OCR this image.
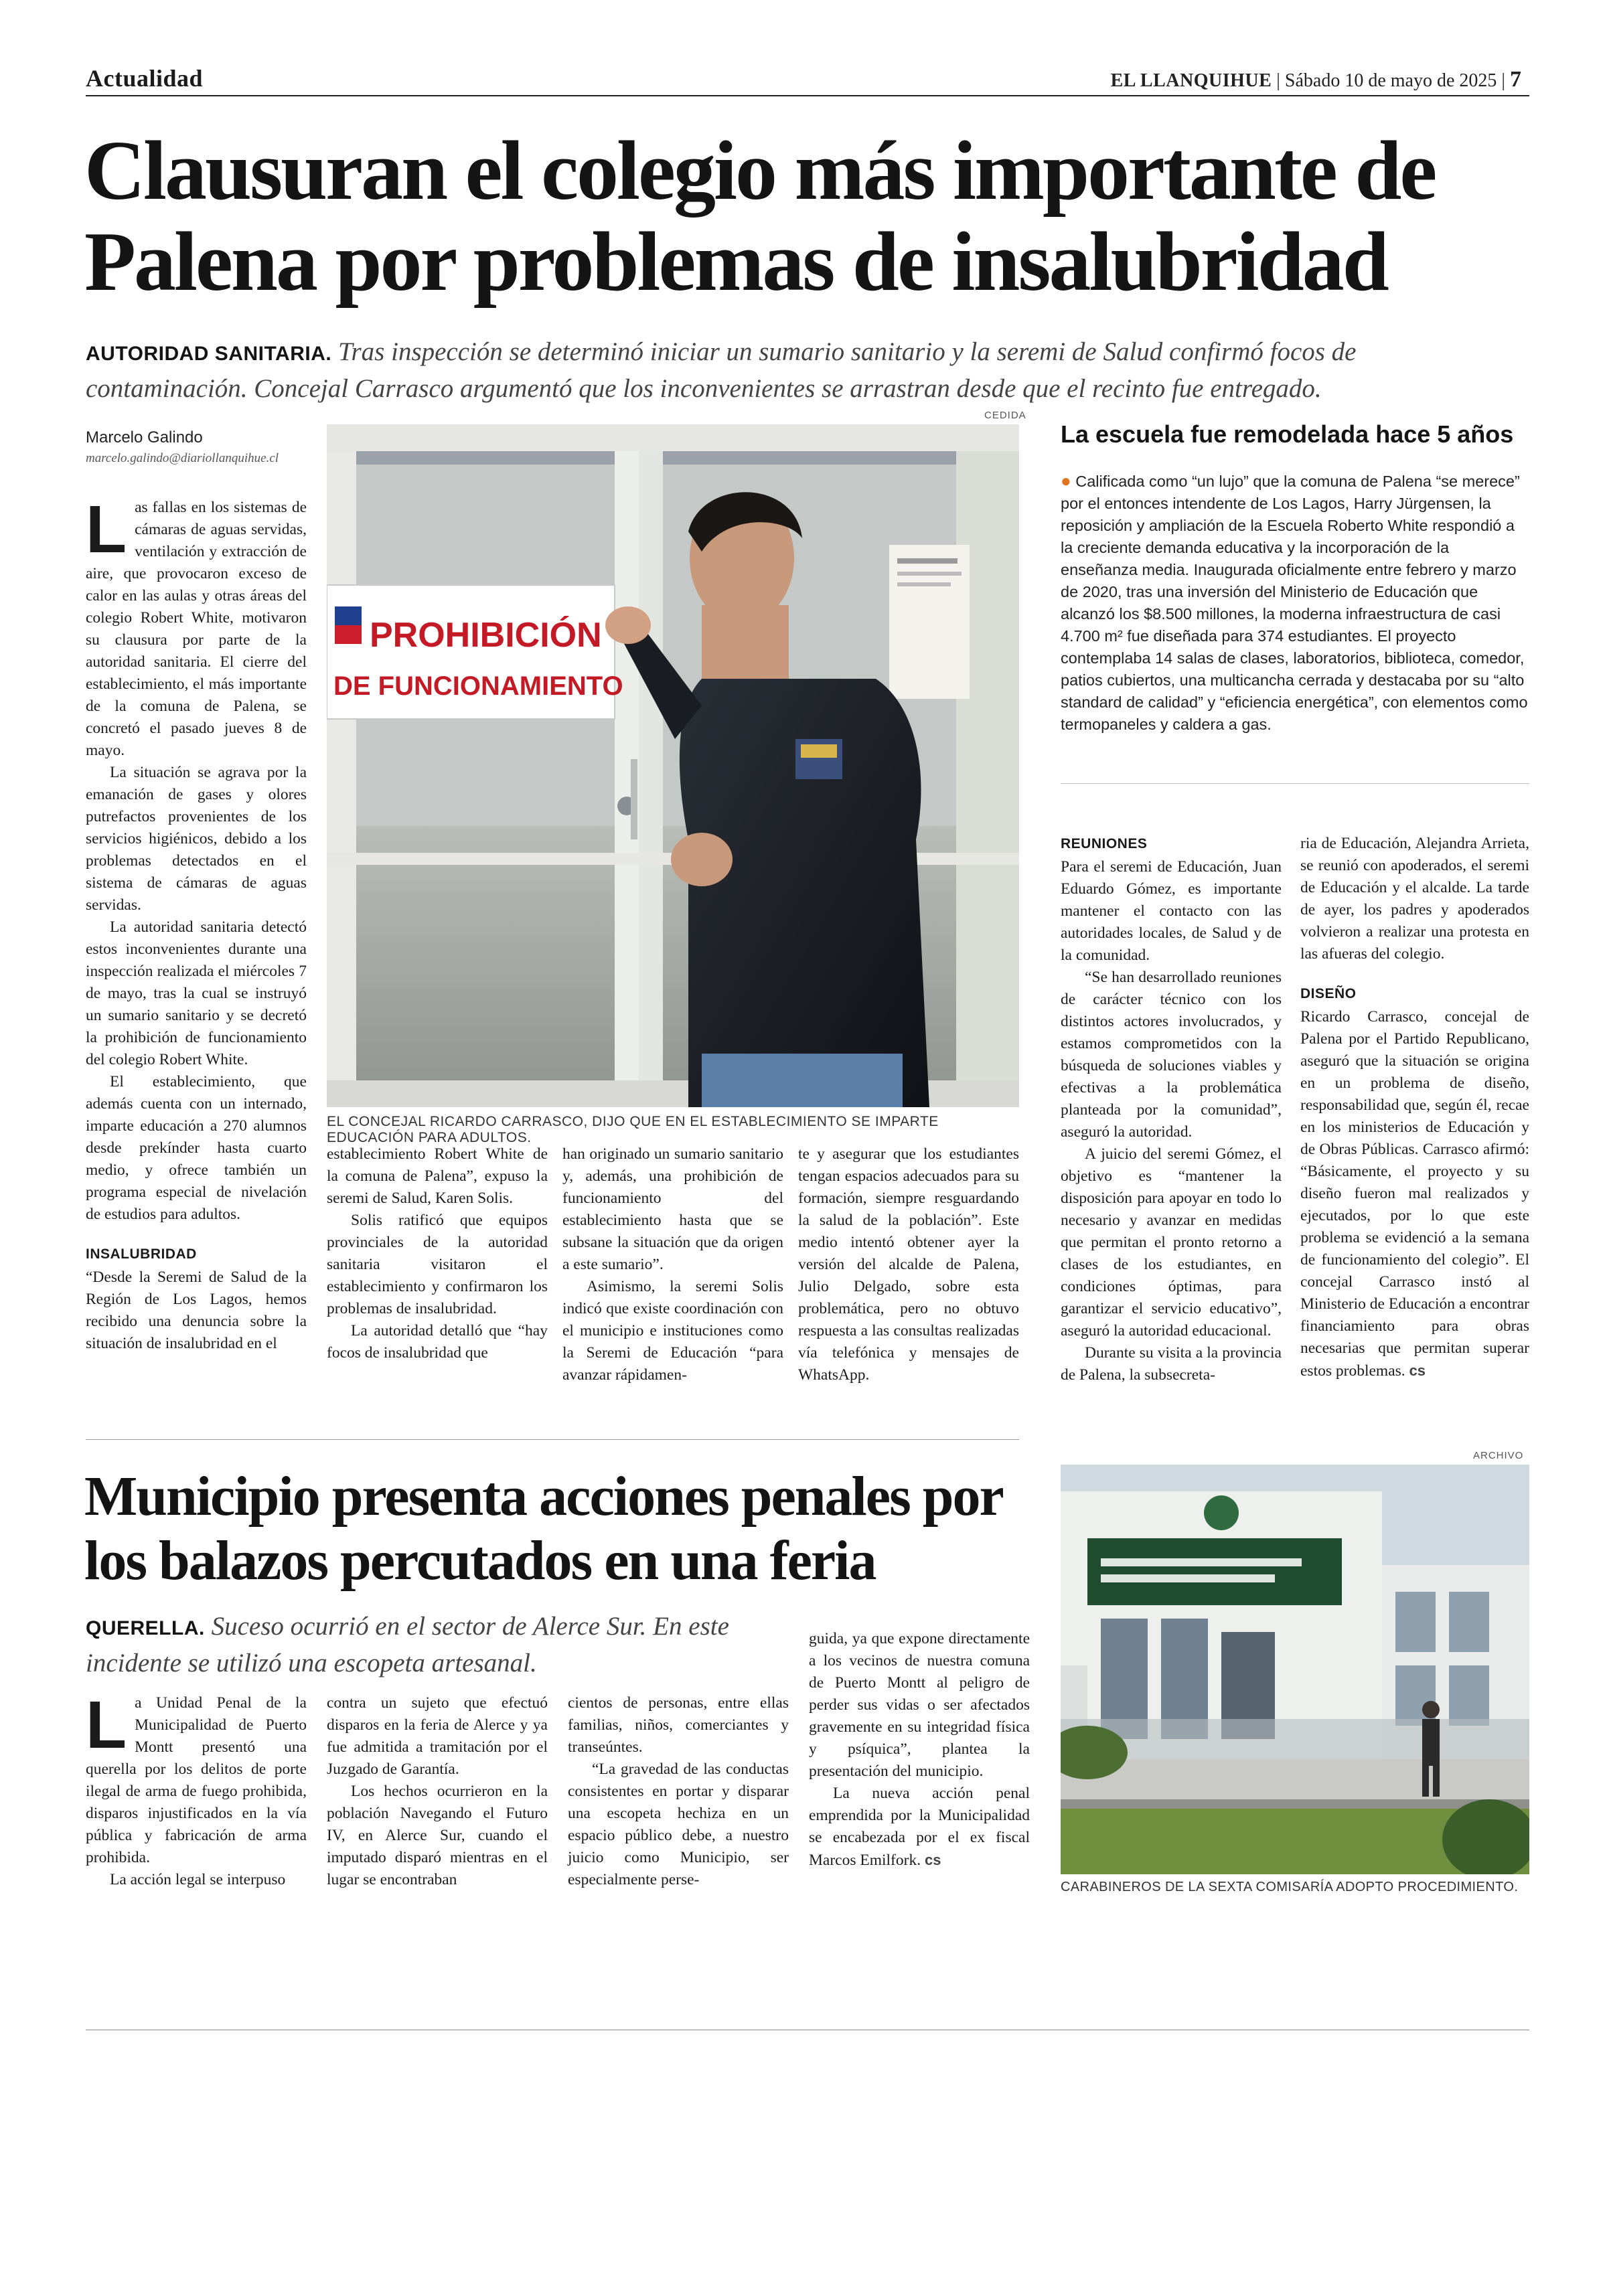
Actualidad	EL LLANQUIHUE | Sábado 10 de mayo de 2025 | 7
Clausuran el colegio más importante de Palena por problemas de insalubridad
AUTORIDAD SANITARIA. Tras inspección se determinó iniciar un sumario sanitario y la seremi de Salud confirmó focos de contaminación. Concejal Carrasco argumentó que los inconvenientes se arrastran desde que el recinto fue entregado.
Marcelo Galindo
marcelo.galindo@diariollanquihue.cl

Las fallas en los sistemas de cámaras de aguas servidas, ventilación y extracción de aire, que provocaron exceso de calor en las aulas y otras áreas del colegio Robert White, motivaron su clausura por parte de la autoridad sanitaria. El cierre del establecimiento, el más importante de la comuna de Palena, se concretó el pasado jueves 8 de mayo.

La situación se agrava por la emanación de gases y olores putrefactos provenientes de los servicios higiénicos, debido a los problemas detectados en el sistema de cámaras de aguas servidas.

La autoridad sanitaria detectó estos inconvenientes durante una inspección realizada el miércoles 7 de mayo, tras la cual se instruyó un sumario sanitario y se decretó la prohibición de funcionamiento del colegio Robert White.

El establecimiento, que además cuenta con un internado, imparte educación a 270 alumnos desde prekínder hasta cuarto medio, y ofrece también un programa especial de nivelación de estudios para adultos.

INSALUBRIDAD

“Desde la Seremi de Salud de la Región de Los Lagos, hemos recibido una denuncia sobre la situación de insalubridad en el

CEDIDA
PROHIBICIÓN
DE FUNCIONAMIENTO
EL CONCEJAL RICARDO CARRASCO, DIJO QUE EN EL ESTABLECIMIENTO SE IMPARTE EDUCACIÓN PARA ADULTOS.

establecimiento Robert White de la comuna de Palena”, expuso la seremi de Salud, Karen Solis.

Solis ratificó que equipos provinciales de la autoridad sanitaria visitaron el establecimiento y confirmaron los problemas de insalubridad.

La autoridad detalló que “hay focos de insalubridad que

han originado un sumario sanitario y, además, una prohibición de funcionamiento del establecimiento hasta que se subsane la situación que da origen a este sumario”.

Asimismo, la seremi Solis indicó que existe coordinación con el municipio e instituciones como la Seremi de Educación “para avanzar rápidamen-

te y asegurar que los estudiantes tengan espacios adecuados para su formación, siempre resguardando la salud de la población”. Este medio intentó obtener ayer la versión del alcalde de Palena, Julio Delgado, sobre esta problemática, pero no obtuvo respuesta a las consultas realizadas vía telefónica y mensajes de WhatsApp.

La escuela fue remodelada hace 5 años
● Calificada como “un lujo” que la comuna de Palena “se merece” por el entonces intendente de Los Lagos, Harry Jürgensen, la reposición y ampliación de la Escuela Roberto White respondió a la creciente demanda educativa y la incorporación de la enseñanza media. Inaugurada oficialmente entre febrero y marzo de 2020, tras una inversión del Ministerio de Educación que alcanzó los $8.500 millones, la moderna infraestructura de casi 4.700 m² fue diseñada para 374 estudiantes. El proyecto contemplaba 14 salas de clases, laboratorios, biblioteca, comedor, patios cubiertos, una multicancha cerrada y destacaba por su “alto standard de calidad” y “eficiencia energética”, con elementos como termopaneles y caldera a gas.
REUNIONES

Para el seremi de Educación, Juan Eduardo Gómez, es importante mantener el contacto con las autoridades locales, de Salud y de la comunidad.

“Se han desarrollado reuniones de carácter técnico con los distintos actores involucrados, y estamos comprometidos con la búsqueda de soluciones viables y efectivas a la problemática planteada por la comunidad”, aseguró la autoridad.

A juicio del seremi Gómez, el objetivo es “mantener la disposición para apoyar en todo lo necesario y avanzar en medidas que permitan el pronto retorno a clases de los estudiantes, en condiciones óptimas, para garantizar el servicio educativo”, aseguró la autoridad educacional.

Durante su visita a la provincia de Palena, la subsecreta-

ria de Educación, Alejandra Arrieta, se reunió con apoderados, el seremi de Educación y el alcalde. La tarde de ayer, los padres y apoderados volvieron a realizar una protesta en las afueras del colegio.

DISEÑO

Ricardo Carrasco, concejal de Palena por el Partido Republicano, aseguró que la situación se origina en un problema de diseño, responsabilidad que, según él, recae en los ministerios de Educación y de Obras Públicas. Carrasco afirmó: “Básicamente, el proyecto y su diseño fueron mal realizados y ejecutados, por lo que este problema se evidenció a la semana de funcionamiento del colegio”. El concejal Carrasco instó al Ministerio de Educación a encontrar financiamiento para obras necesarias que permitan superar estos problemas. cs

Municipio presenta acciones penales por los balazos percutados en una feria
QUERELLA. Suceso ocurrió en el sector de Alerce Sur. En este incidente se utilizó una escopeta artesanal.

La Unidad Penal de la Municipalidad de Puerto Montt presentó una querella por los delitos de porte ilegal de arma de fuego prohibida, disparos injustificados en la vía pública y fabricación de arma prohibida.

La acción legal se interpuso

contra un sujeto que efectuó disparos en la feria de Alerce y ya fue admitida a tramitación por el Juzgado de Garantía.

Los hechos ocurrieron en la población Navegando el Futuro IV, en Alerce Sur, cuando el imputado disparó mientras en el lugar se encontraban

cientos de personas, entre ellas familias, niños, comerciantes y transeúntes.

“La gravedad de las conductas consistentes en portar y disparar una escopeta hechiza en un espacio público debe, a nuestro juicio como Municipio, ser especialmente perse-

guida, ya que expone directamente a los vecinos de nuestra comuna de Puerto Montt al peligro de perder sus vidas o ser afectados gravemente en su integridad física y psíquica”, plantea la presentación del municipio.

La nueva acción penal emprendida por la Municipalidad se encabezada por el ex fiscal Marcos Emilfork. cs

ARCHIVO
CARABINEROS DE LA SEXTA COMISARÍA ADOPTO PROCEDIMIENTO.
